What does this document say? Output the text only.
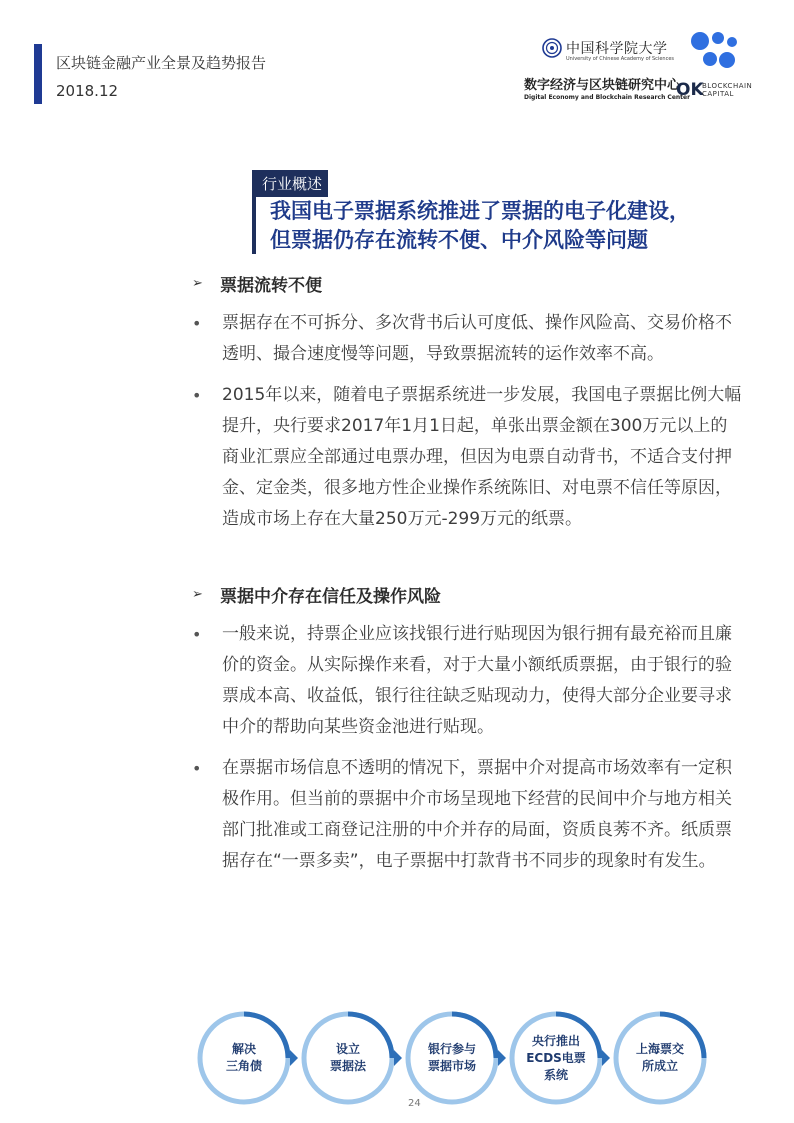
区块链金融产业全景及趋势报告
2018.12
中国科学院大学
University of Chinese Academy of Sciences
数字经济与区块链研究中心
Digital Economy and Blockchain Research Center
OK
BLOCKCHAIN
CAPITAL
行业概述
我国电子票据系统推进了票据的电子化建设，
但票据仍存在流转不便、中介风险等问题
➢	票据流转不便
•	票据存在不可拆分、多次背书后认可度低、操作风险高、交易价格不透明、撮合速度慢等问题，导致票据流转的运作效率不高。
•	2015年以来，随着电子票据系统进一步发展，我国电子票据比例大幅提升，央行要求2017年1月1日起，单张出票金额在300万元以上的商业汇票应全部通过电票办理，但因为电票自动背书，不适合支付押金、定金类，很多地方性企业操作系统陈旧、对电票不信任等原因，造成市场上存在大量250万元-299万元的纸票。
➢	票据中介存在信任及操作风险
•	一般来说，持票企业应该找银行进行贴现因为银行拥有最充裕而且廉价的资金。从实际操作来看，对于大量小额纸质票据，由于银行的验票成本高、收益低，银行往往缺乏贴现动力，使得大部分企业要寻求中介的帮助向某些资金池进行贴现。
•	在票据市场信息不透明的情况下，票据中介对提高市场效率有一定积极作用。但当前的票据中介市场呈现地下经营的民间中介与地方相关部门批准或工商登记注册的中介并存的局面，资质良莠不齐。纸质票据存在“一票多卖”，电子票据中打款背书不同步的现象时有发生。
解决
三角债
设立
票据法
银行参与
票据市场
央行推出
ECDS电票
系统
上海票交
所成立
24
